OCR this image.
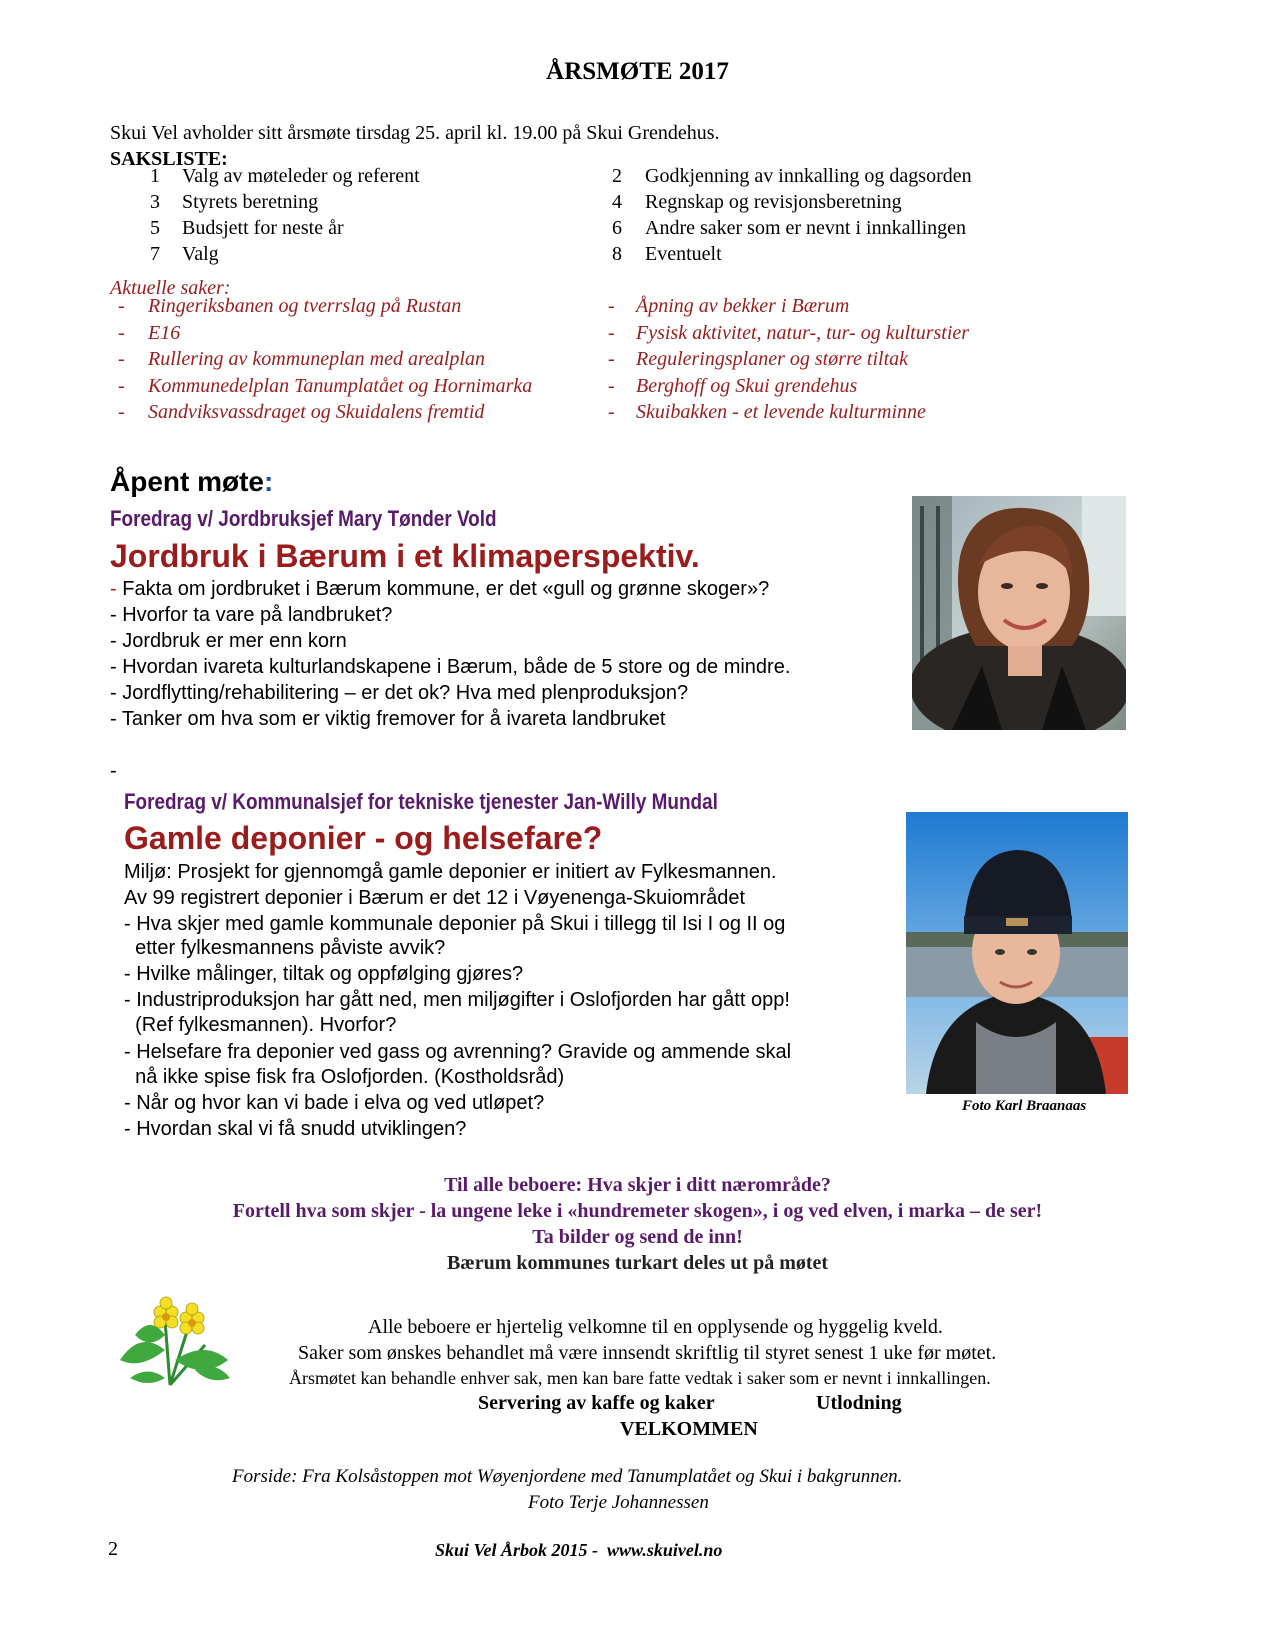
ÅRSMØTE 2017
Skui Vel avholder sitt årsmøte tirsdag 25. april kl. 19.00 på Skui Grendehus.
SAKSLISTE:
1 Valg av møteleder og referent
3 Styrets beretning
5 Budsjett for neste år
7 Valg
2 Godkjenning av innkalling og dagsorden
4 Regnskap og revisjonsberetning
6 Andre saker som er nevnt i innkallingen
8 Eventuelt
Aktuelle saker:
- Ringeriksbanen og tverrslag på Rustan
- E16
- Rullering av kommuneplan med arealplan
- Kommunedelplan Tanumplatået og Hornimarka
- Sandviksvassdraget og Skuidalens fremtid
- Åpning av bekker i Bærum
- Fysisk aktivitet, natur-, tur- og kulturstier
- Reguleringsplaner og større tiltak
- Berghoff og Skui grendehus
- Skuibakken - et levende kulturminne
Åpent møte:
Foredrag v/ Jordbruksjef Mary Tønder Vold
Jordbruk i Bærum i et klimaperspektiv.
- Fakta om jordbruket i Bærum kommune, er det «gull og grønne skoger»?
- Hvorfor ta vare på landbruket?
- Jordbruk er mer enn korn
- Hvordan ivareta kulturlandskapene i Bærum, både de 5 store og de mindre.
- Jordflytting/rehabilitering – er det ok? Hva med plenproduksjon?
- Tanker om hva som er viktig fremover for å ivareta landbruket
-
Foredrag v/ Kommunalsjef for tekniske tjenester Jan-Willy Mundal
Gamle deponier - og helsefare?
Miljø: Prosjekt for gjennomgå gamle deponier er initiert av Fylkesmannen.
Av 99 registrert deponier i Bærum er det 12 i Vøyenenga-Skuiområdet
- Hva skjer med gamle kommunale deponier på Skui i tillegg til Isi I og II og
etter fylkesmannens påviste avvik?
- Hvilke målinger, tiltak og oppfølging gjøres?
- Industriproduksjon har gått ned, men miljøgifter i Oslofjorden har gått opp!
(Ref fylkesmannen). Hvorfor?
- Helsefare fra deponier ved gass og avrenning? Gravide og ammende skal
nå ikke spise fisk fra Oslofjorden. (Kostholdsråd)
- Når og hvor kan vi bade i elva og ved utløpet?
- Hvordan skal vi få snudd utviklingen?
Foto Karl Braanaas
Til alle beboere: Hva skjer i ditt nærområde?
Fortell hva som skjer - la ungene leke i «hundremeter skogen», i og ved elven, i marka – de ser!
Ta bilder og send de inn!
Bærum kommunes turkart deles ut på møtet
Alle beboere er hjertelig velkomne til en opplysende og hyggelig kveld.
Saker som ønskes behandlet må være innsendt skriftlig til styret senest 1 uke før møtet.
Årsmøtet kan behandle enhver sak, men kan bare fatte vedtak i saker som er nevnt i innkallingen.
Servering av kaffe og kaker	Utlodning
VELKOMMEN
Forside: Fra Kolsåstoppen mot Wøyenjordene med Tanumplatået og Skui i bakgrunnen.
Foto Terje Johannessen
2	Skui Vel Årbok 2015 -  www.skuivel.no
